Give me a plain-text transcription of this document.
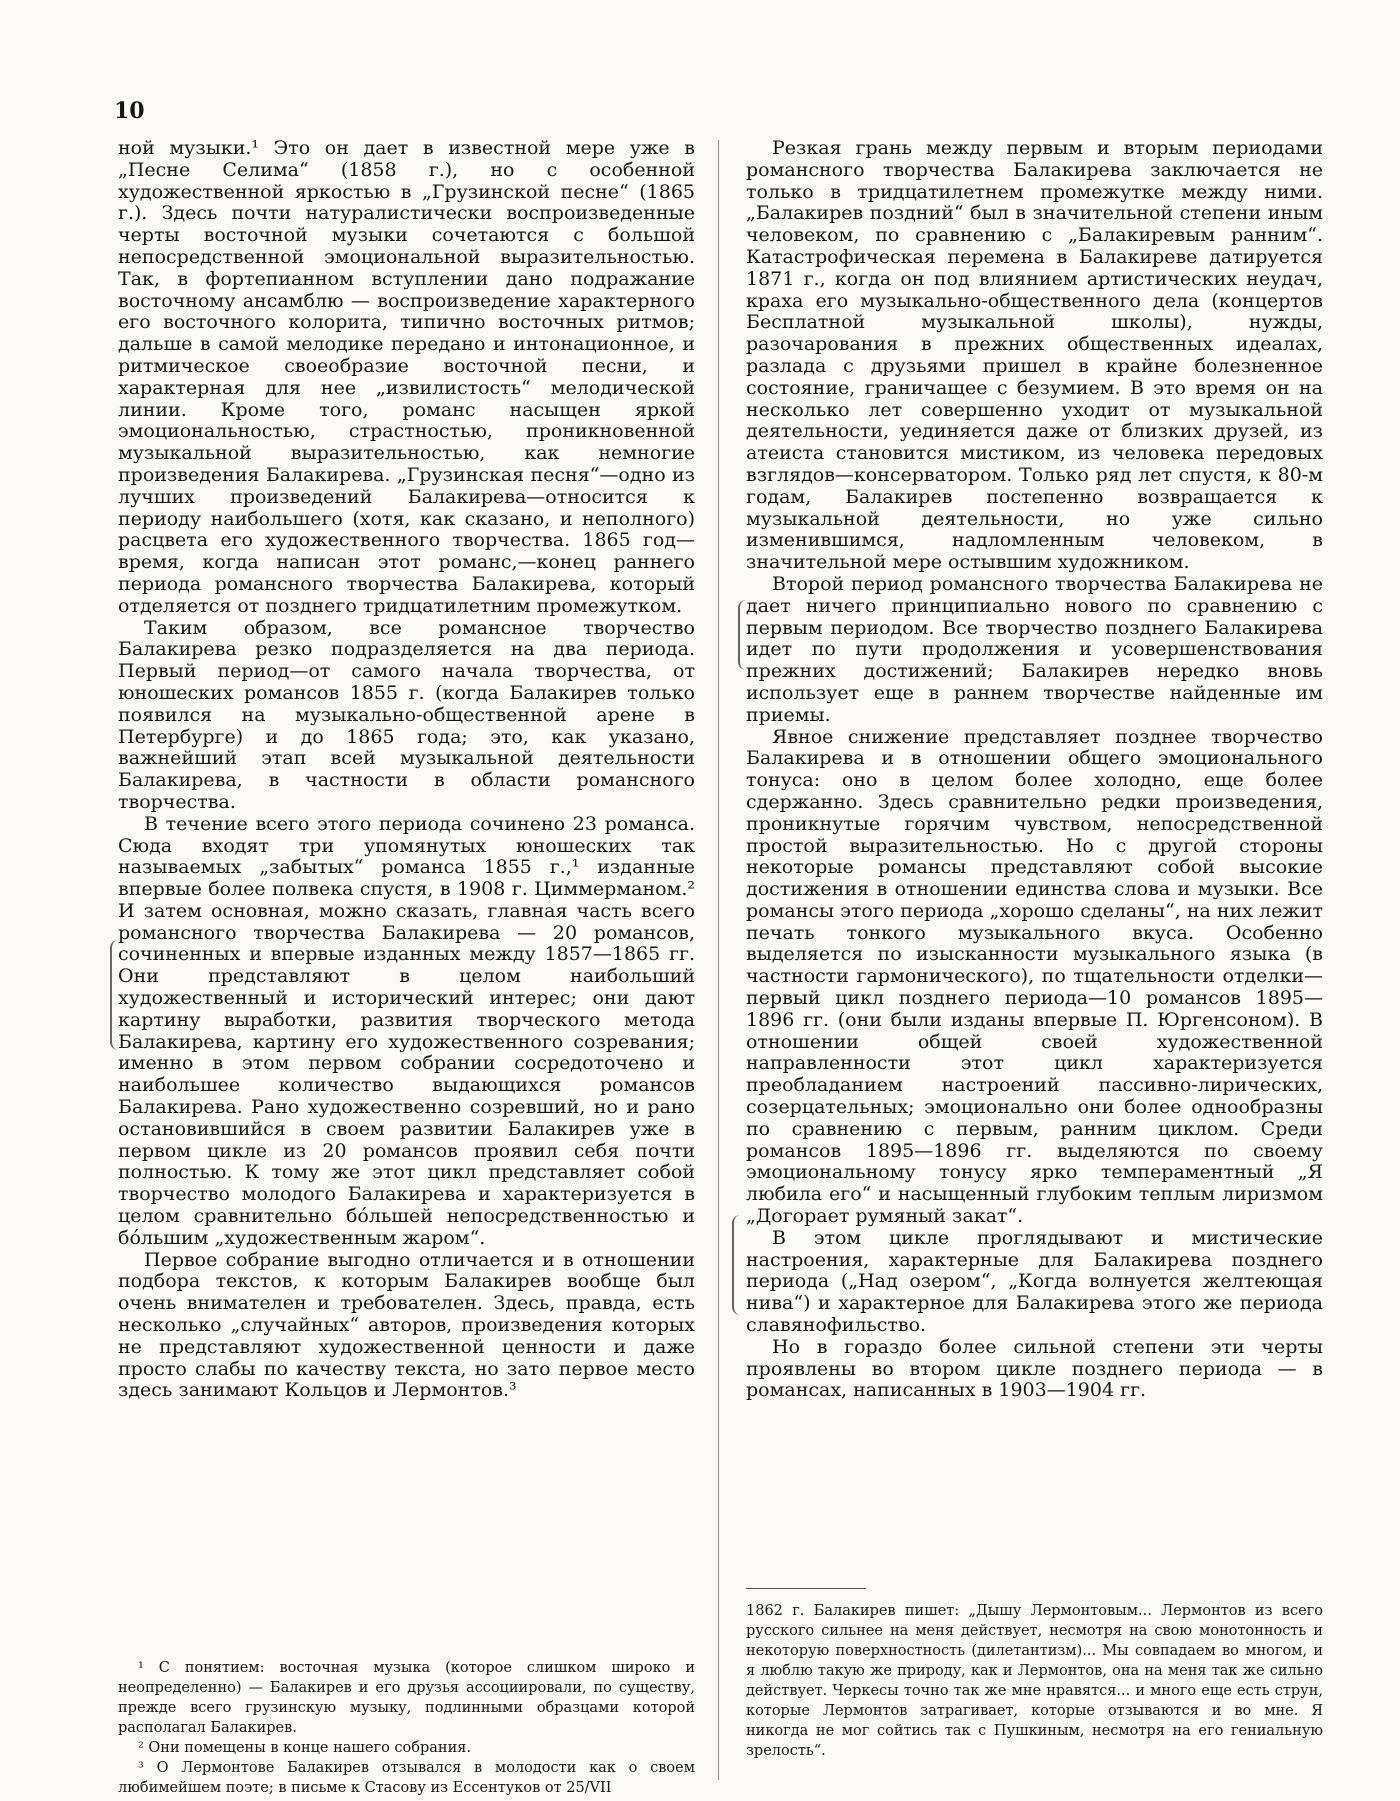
10

ной музыки.¹ Это он дает в известной мере уже в „Песне Селима“ (1858 г.), но с особенной художественной яркостью в „Грузинской песне“ (1865 г.). Здесь почти натуралистически воспроизведенные черты восточной музыки сочетаются с большой непосредственной эмоциональной выразительностью. Так, в фортепианном вступлении дано подражание восточному ансамблю — воспроизведение характерного его восточного колорита, типично восточных ритмов; дальше в самой мелодике передано и интонационное, и ритмическое своеобразие восточной песни, и характерная для нее „извилистость“ мелодической линии. Кроме того, романс насыщен яркой эмоциональностью, страстностью, проникновенной музыкальной выразительностью, как немногие произведения Балакирева. „Грузинская песня“—одно из лучших произведений Балакирева—относится к периоду наибольшего (хотя, как сказано, и неполного) расцвета его художественного творчества. 1865 год— время, когда написан этот романс,—конец раннего периода романсного творчества Балакирева, который отделяется от позднего тридцатилетним промежутком.

Таким образом, все романсное творчество Балакирева резко подразделяется на два периода. Первый период—от самого начала творчества, от юношеских романсов 1855 г. (когда Балакирев только появился на музыкально-общественной арене в Петербурге) и до 1865 года; это, как указано, важнейший этап всей музыкальной деятельности Балакирева, в частности в области романсного творчества.

В течение всего этого периода сочинено 23 романса. Сюда входят три упомянутых юношеских так называемых „забытых“ романса 1855 г.,¹ изданные впервые более полвека спустя, в 1908 г. Циммерманом.² И затем основная, можно сказать, главная часть всего романсного творчества Балакирева — 20 романсов, сочиненных и впервые изданных между 1857—1865 гг. Они представляют в целом наибольший художественный и исторический интерес; они дают картину выработки, развития творческого метода Балакирева, картину его художественного созревания; именно в этом первом собрании сосредоточено и наибольшее количество выдающихся романсов Балакирева. Рано художественно созревший, но и рано остановившийся в своем развитии Балакирев уже в первом цикле из 20 романсов проявил себя почти полностью. К тому же этот цикл представляет собой творчество молодого Балакирева и характеризуется в целом сравнительно бо́льшей непосредственностью и бо́льшим „художественным жаром“.

Первое собрание выгодно отличается и в отношении подбора текстов, к которым Балакирев вообще был очень внимателен и требователен. Здесь, правда, есть несколько „случайных“ авторов, произведения которых не представляют художественной ценности и даже просто слабы по качеству текста, но зато первое место здесь занимают Кольцов и Лермонтов.³

Резкая грань между первым и вторым периодами романсного творчества Балакирева заключается не только в тридцатилетнем промежутке между ними. „Балакирев поздний“ был в значительной степени иным человеком, по сравнению с „Балакиревым ранним“. Катастрофическая перемена в Балакиреве датируется 1871 г., когда он под влиянием артистических неудач, краха его музыкально-общественного дела (концертов Бесплатной музыкальной школы), нужды, разочарования в прежних общественных идеалах, разлада с друзьями пришел в крайне болезненное состояние, граничащее с безумием. В это время он на несколько лет совершенно уходит от музыкальной деятельности, уединяется даже от близких друзей, из атеиста становится мистиком, из человека передовых взглядов—консерватором. Только ряд лет спустя, к 80-м годам, Балакирев постепенно возвращается к музыкальной деятельности, но уже сильно изменившимся, надломленным человеком, в значительной мере остывшим художником.

Второй период романсного творчества Балакирева не дает ничего принципиально нового по сравнению с первым периодом. Все творчество позднего Балакирева идет по пути продолжения и усовершенствования прежних достижений; Балакирев нередко вновь использует еще в раннем творчестве найденные им приемы.

Явное снижение представляет позднее творчество Балакирева и в отношении общего эмоционального тонуса: оно в целом более холодно, еще более сдержанно. Здесь сравнительно редки произведения, проникнутые горячим чувством, непосредственной простой выразительностью. Но с другой стороны некоторые романсы представляют собой высокие достижения в отношении единства слова и музыки. Все романсы этого периода „хорошо сделаны“, на них лежит печать тонкого музыкального вкуса. Особенно выделяется по изысканности музыкального языка (в частности гармонического), по тщательности отделки—первый цикл позднего периода—10 романсов 1895—1896 гг. (они были изданы впервые П. Юргенсоном). В отношении общей своей художественной направленности этот цикл характеризуется преобладанием настроений пассивно-лирических, созерцательных; эмоционально они более однообразны по сравнению с первым, ранним циклом. Среди романсов 1895—1896 гг. выделяются по своему эмоциональному тонусу ярко темпераментный „Я любила его“ и насыщенный глубоким теплым лиризмом „Догорает румяный закат“.

В этом цикле проглядывают и мистические настроения, характерные для Балакирева позднего периода („Над озером“, „Когда волнуется желтеющая нива“) и характерное для Балакирева этого же периода славянофильство.

Но в гораздо более сильной степени эти черты проявлены во втором цикле позднего периода — в романсах, написанных в 1903—1904 гг.

¹ С понятием: восточная музыка (которое слишком широко и неопределенно) — Балакирев и его друзья ассоциировали, по существу, прежде всего грузинскую музыку, подлинными образцами которой располагал Балакирев.

² Они помещены в конце нашего собрания.

³ О Лермонтове Балакирев отзывался в молодости как о своем любимейшем поэте; в письме к Стасову из Ессентуков от 25/VII

1862 г. Балакирев пишет: „Дышу Лермонтовым... Лермонтов из всего русского сильнее на меня действует, несмотря на свою монотонность и некоторую поверхностность (дилетантизм)... Мы совпадаем во многом, и я люблю такую же природу, как и Лермонтов, она на меня так же сильно действует. Черкесы точно так же мне нравятся... и много еще есть струн, которые Лермонтов затрагивает, которые отзываются и во мне. Я никогда не мог сойтись так с Пушкиным, несмотря на его гениальную зрелость“.
